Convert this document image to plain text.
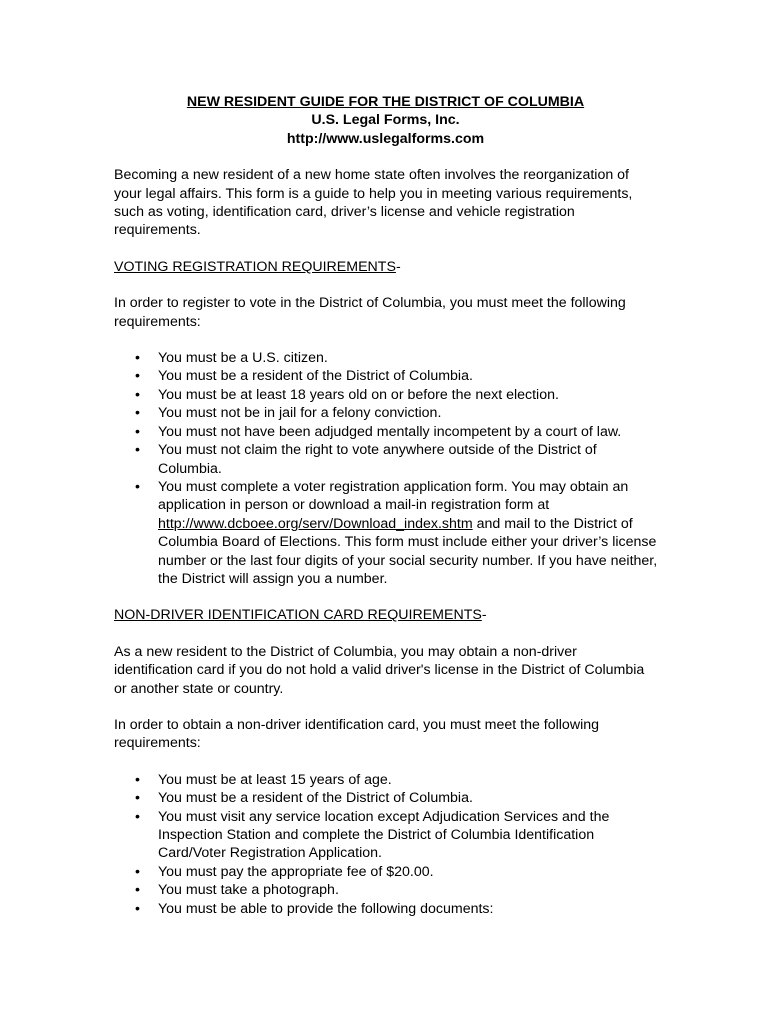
NEW RESIDENT GUIDE FOR THE DISTRICT OF COLUMBIA
U.S. Legal Forms, Inc.
http://www.uslegalforms.com

Becoming a new resident of a new home state often involves the reorganization of your legal affairs. This form is a guide to help you in meeting various requirements, such as voting, identification card, driver’s license and vehicle registration requirements.

VOTING REGISTRATION REQUIREMENTS-

In order to register to vote in the District of Columbia, you must meet the following requirements:

• You must be a U.S. citizen.
• You must be a resident of the District of Columbia.
• You must be at least 18 years old on or before the next election.
• You must not be in jail for a felony conviction.
• You must not have been adjudged mentally incompetent by a court of law.
• You must not claim the right to vote anywhere outside of the District of Columbia.
• You must complete a voter registration application form. You may obtain an application in person or download a mail-in registration form at http://www.dcboee.org/serv/Download_index.shtm and mail to the District of Columbia Board of Elections. This form must include either your driver’s license number or the last four digits of your social security number. If you have neither, the District will assign you a number.

NON-DRIVER IDENTIFICATION CARD REQUIREMENTS-

As a new resident to the District of Columbia, you may obtain a non-driver identification card if you do not hold a valid driver's license in the District of Columbia or another state or country.

In order to obtain a non-driver identification card, you must meet the following requirements:

• You must be at least 15 years of age.
• You must be a resident of the District of Columbia.
• You must visit any service location except Adjudication Services and the Inspection Station and complete the District of Columbia Identification Card/Voter Registration Application.
• You must pay the appropriate fee of $20.00.
• You must take a photograph.
• You must be able to provide the following documents:
